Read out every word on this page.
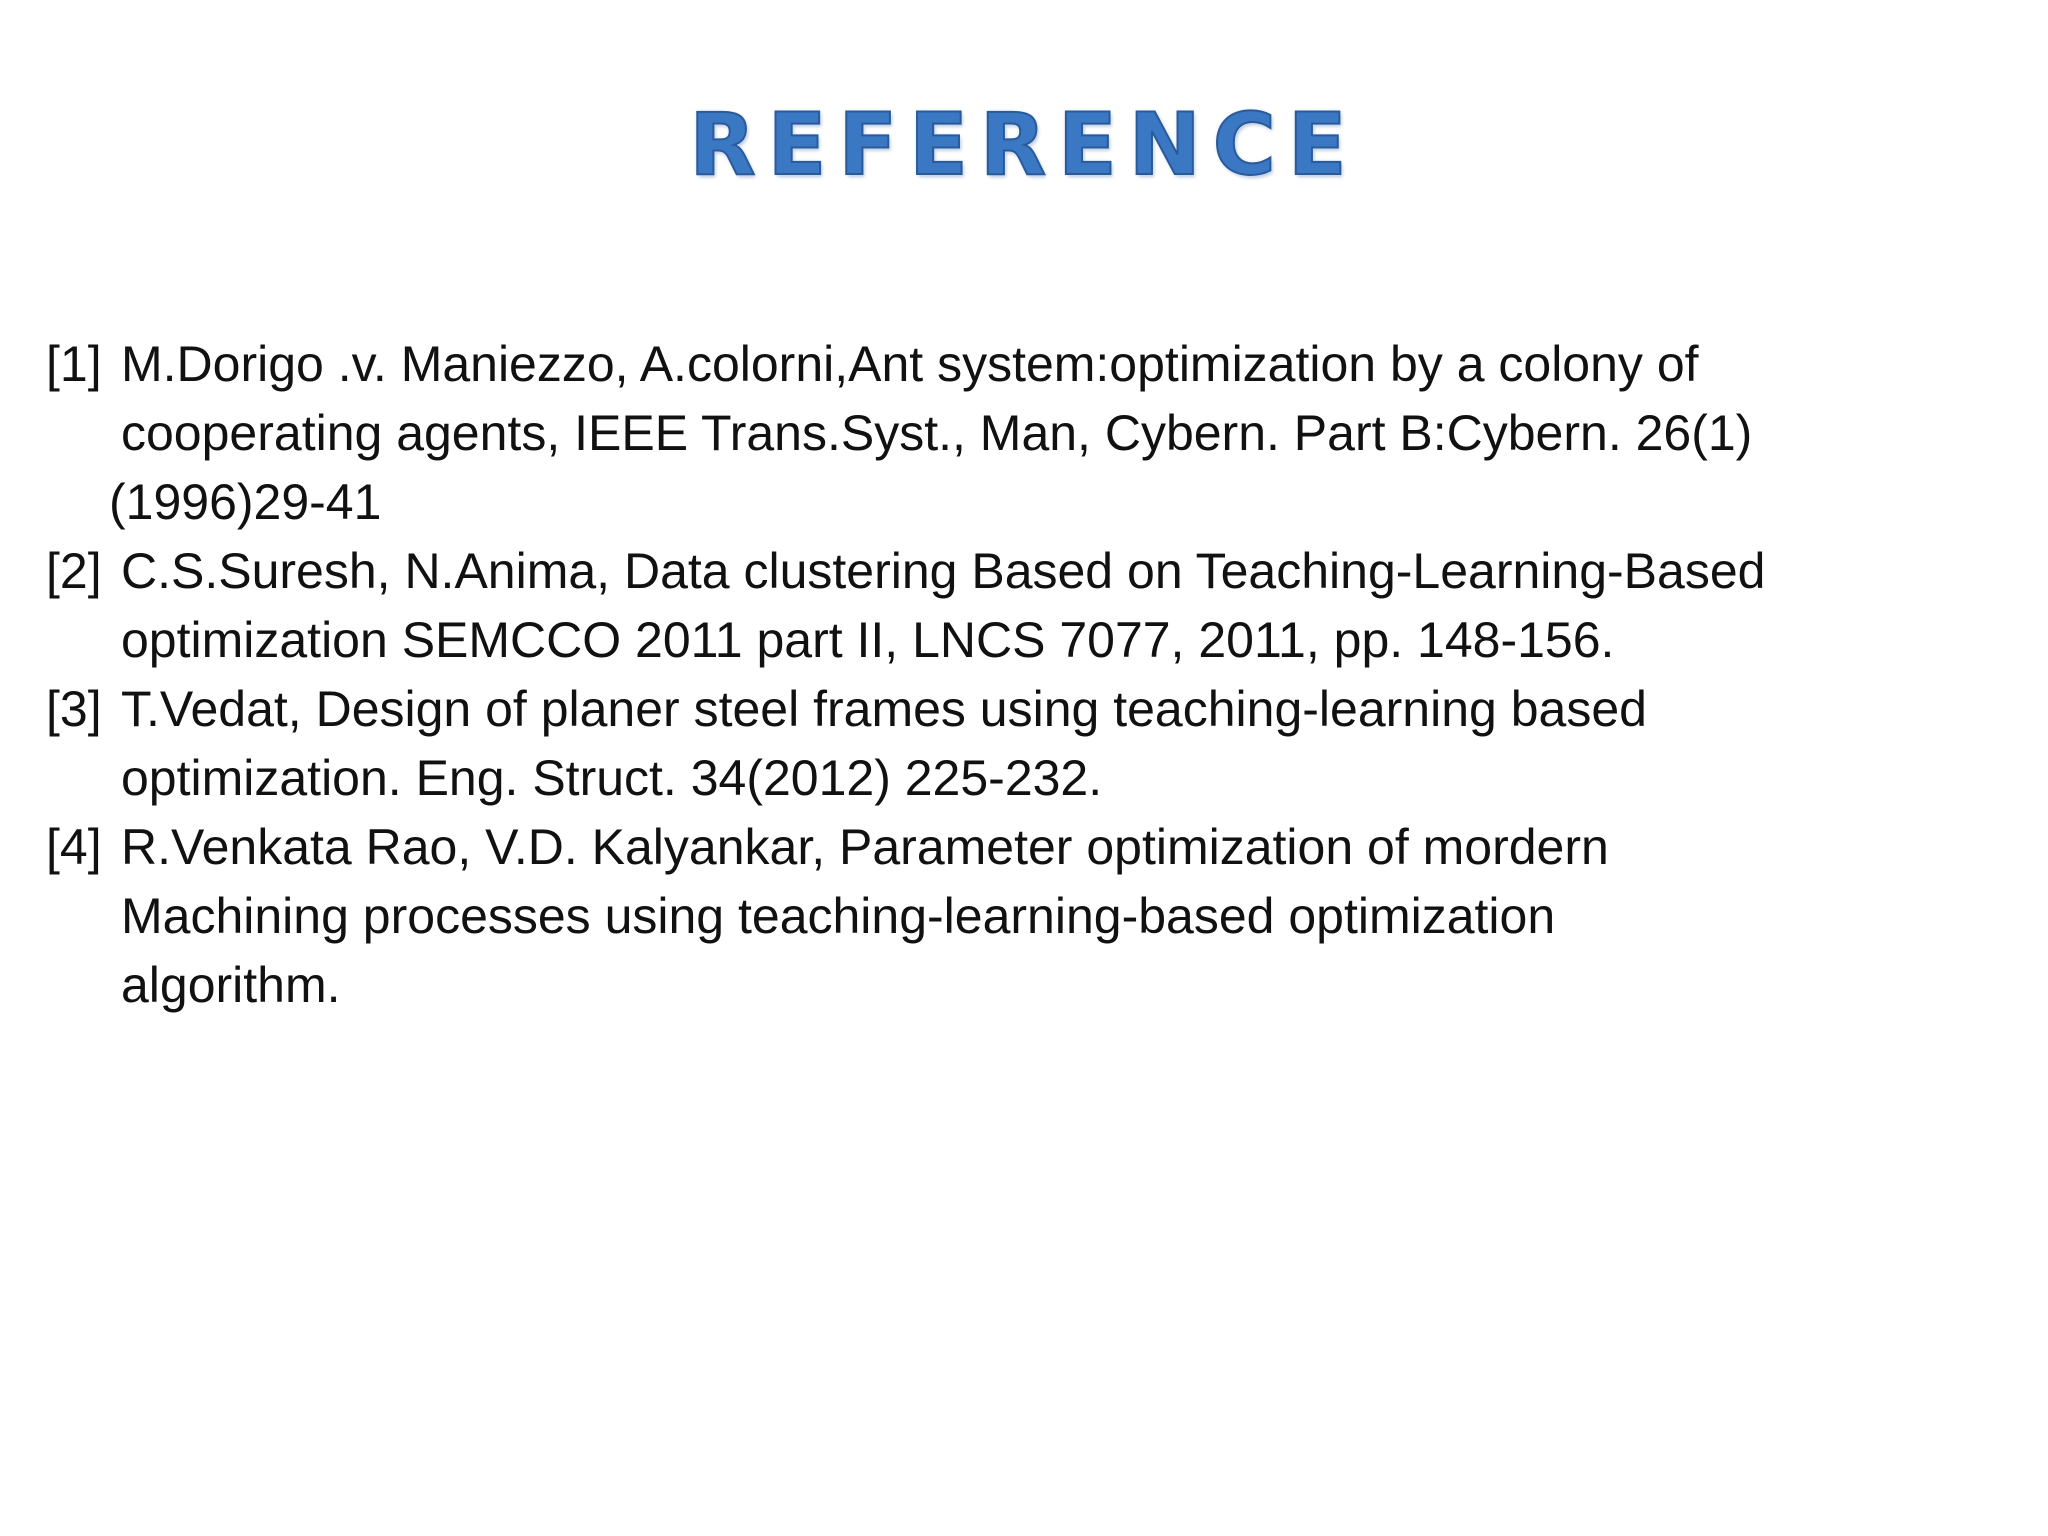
REFERENCE
[1] M.Dorigo .v. Maniezzo, A.colorni,Ant system:optimization by a colony of
cooperating agents, IEEE Trans.Syst., Man, Cybern. Part B:Cybern. 26(1)
(1996)29-41
[2] C.S.Suresh, N.Anima, Data clustering Based on Teaching-Learning-Based
optimization SEMCCO 2011 part II, LNCS 7077, 2011, pp. 148-156.
[3] T.Vedat, Design of planer steel frames using teaching-learning based
optimization. Eng. Struct. 34(2012) 225-232.
[4] R.Venkata Rao, V.D. Kalyankar, Parameter optimization of mordern
Machining processes using teaching-learning-based optimization
algorithm.
